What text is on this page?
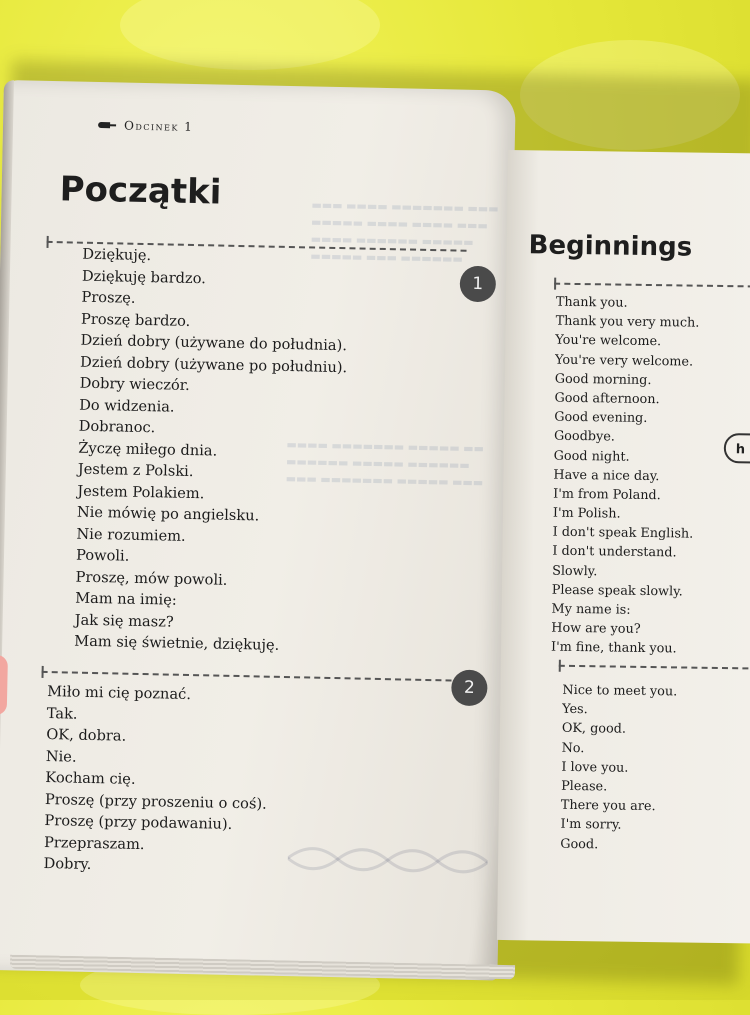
▬▬▬ ▬▬▬▬ ▬▬▬▬▬▬▬ ▬▬▬
▬▬▬▬▬ ▬▬▬▬ ▬▬▬▬ ▬▬▬
▬▬▬▬ ▬▬▬▬▬▬ ▬▬▬▬▬
▬▬▬▬▬ ▬▬▬ ▬▬▬▬▬▬
▬▬▬▬ ▬▬▬▬▬▬▬ ▬▬▬▬▬ ▬▬
▬▬▬▬▬▬ ▬▬▬▬▬ ▬▬▬▬▬▬
▬▬▬ ▬▬▬▬▬▬▬ ▬▬▬▬▬ ▬▬▬
Odcinek 1
Początki
1
Dziękuję.
Dziękuję bardzo.
Proszę.
Proszę bardzo.
Dzień dobry (używane do południa).
Dzień dobry (używane po południu).
Dobry wieczór.
Do widzenia.
Dobranoc.
Życzę miłego dnia.
Jestem z Polski.
Jestem Polakiem.
Nie mówię po angielsku.
Nie rozumiem.
Powoli.
Proszę, mów powoli.
Mam na imię:
Jak się masz?
Mam się świetnie, dziękuję.
2
Miło mi cię poznać.
Tak.
OK, dobra.
Nie.
Kocham cię.
Proszę (przy proszeniu o coś).
Proszę (przy podawaniu).
Przepraszam.
Dobry.
Beginnings
Thank you.
Thank you very much.
You're welcome.
You're very welcome.
Good morning.
Good afternoon.
Good evening.
Goodbye.
Good night.
Have a nice day.
I'm from Poland.
I'm Polish.
I don't speak English.
I don't understand.
Slowly.
Please speak slowly.
My name is:
How are you?
I'm fine, thank you.
h
Nice to meet you.
Yes.
OK, good.
No.
I love you.
Please.
There you are.
I'm sorry.
Good.
